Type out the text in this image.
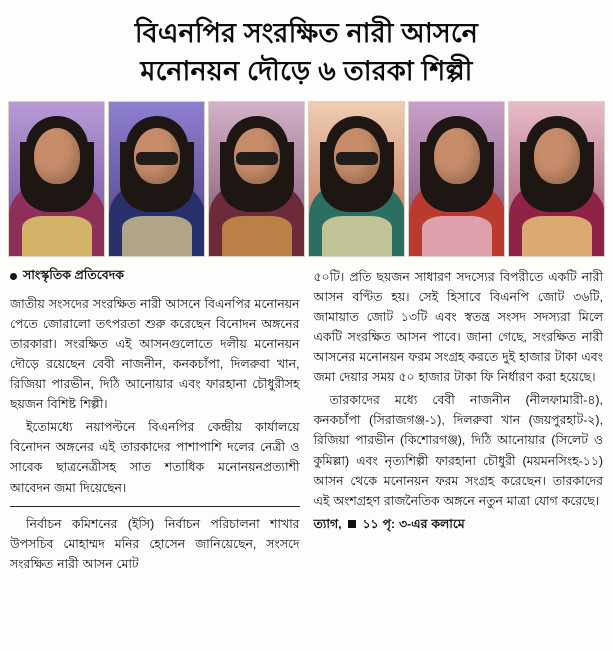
বিএনপির সংরক্ষিত নারী আসনে
মনোনয়ন দৌড়ে ৬ তারকা শিল্পী
সাংস্কৃতিক প্রতিবেদক

জাতীয় সংসদের সংরক্ষিত নারী আসনে বিএনপির মনোনয়ন পেতে জোরালো তৎপরতা শুরু করেছেন বিনোদন অঙ্গনের তারকারা। সংরক্ষিত এই আসনগুলোতে দলীয় মনোনয়ন দৌড়ে রয়েছেন বেবী নাজনীন, কনকচাঁপা, দিলরুবা খান, রিজিয়া পারভীন, দিঠি আনোয়ার এবং ফারহানা চৌধুরীসহ ছয়জন বিশিষ্ট শিল্পী।

ইতোমধ্যে নয়াপল্টনে বিএনপির কেন্দ্রীয় কার্যালয়ে বিনোদন অঙ্গনের এই তারকাদের পাশাপাশি দলের নেত্রী ও সাবেক ছাত্রনেত্রীসহ সাত শতাধিক মনোনয়নপ্রত্যাশী আবেদন জমা দিয়েছেন।

নির্বাচন কমিশনের (ইসি) নির্বাচন পরিচালনা শাখার উপসচিব মোহাম্মদ মনির হোসেন জানিয়েছেন, সংসদে সংরক্ষিত নারী আসন মোট

৫০টি। প্রতি ছয়জন সাধারণ সদস্যের বিপরীতে একটি নারী আসন বণ্টিত হয়। সেই হিসাবে বিএনপি জোট ৩৬টি, জামায়াত জোট ১৩টি এবং স্বতন্ত্র সংসদ সদস্যরা মিলে একটি সংরক্ষিত আসন পাবে। জানা গেছে, সংরক্ষিত নারী আসনের মনোনয়ন ফরম সংগ্রহ করতে দুই হাজার টাকা এবং জমা দেয়ার সময় ৫০ হাজার টাকা ফি নির্ধারণ করা হয়েছে।

তারকাদের মধ্যে বেবী নাজনীন (নীলফামারী-৪), কনকচাঁপা (সিরাজগঞ্জ-১), দিলরুবা খান (জয়পুরহাট-২), রিজিয়া পারভীন (কিশোরগঞ্জ), দিঠি আনোয়ার (সিলেট ও কুমিল্লা) এবং নৃত্যশিল্পী ফারহানা চৌধুরী (ময়মনসিংহ-১১) আসন থেকে মনোনয়ন ফরম সংগ্রহ করেছেন। তারকাদের এই অংশগ্রহণ রাজনৈতিক অঙ্গনে নতুন মাত্রা যোগ করেছে।

ত্যাগ, ১১ পৃ: ৩-এর কলামে
